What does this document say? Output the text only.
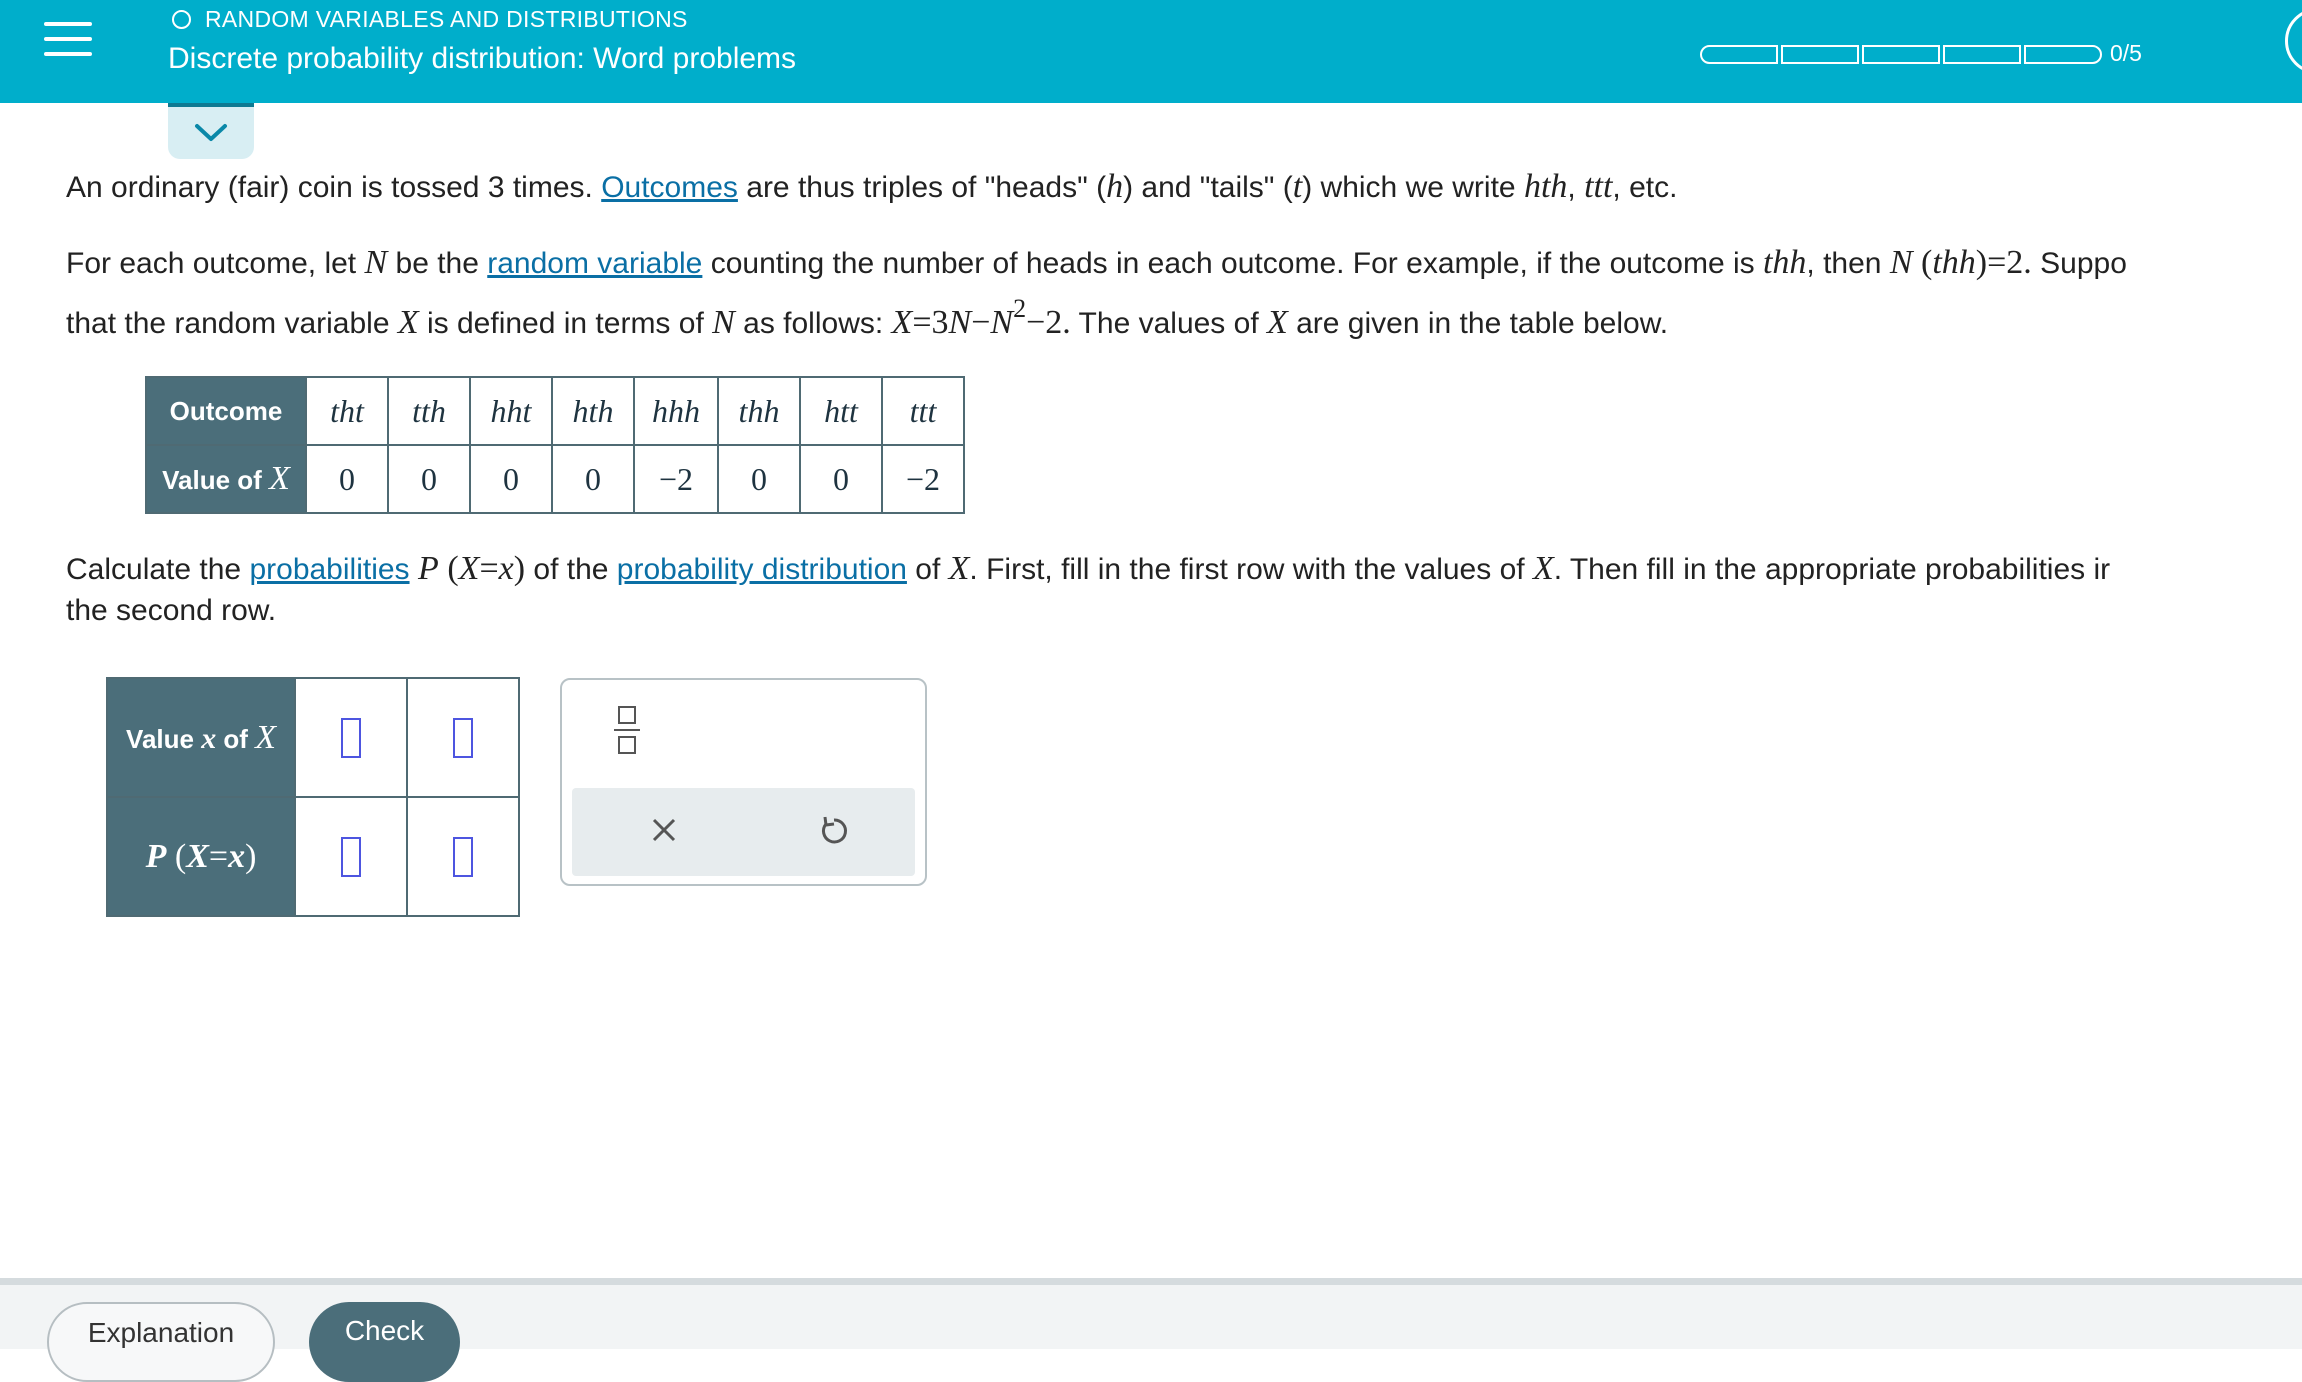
RANDOM VARIABLES AND DISTRIBUTIONS
Discrete probability distribution: Word problems	0/5
An ordinary (fair) coin is tossed 3 times. Outcomes are thus triples of "heads" (h) and "tails" (t) which we write hth, ttt, etc.
For each outcome, let N be the random variable counting the number of heads in each outcome. For example, if the outcome is thh, then N (thh)=2. Suppo
that the random variable X is defined in terms of N as follows: X=3N−N2−2. The values of X are given in the table below.
Outcome	tht	tth	hht	hth	hhh	thh	htt	ttt
Value of X	0	0	0	0	−2	0	0	−2
Calculate the probabilities P (X=x) of the probability distribution of X. First, fill in the first row with the values of X. Then fill in the appropriate probabilities ir
the second row.
Value x of X		
P (X=x)		
Explanation	Check
